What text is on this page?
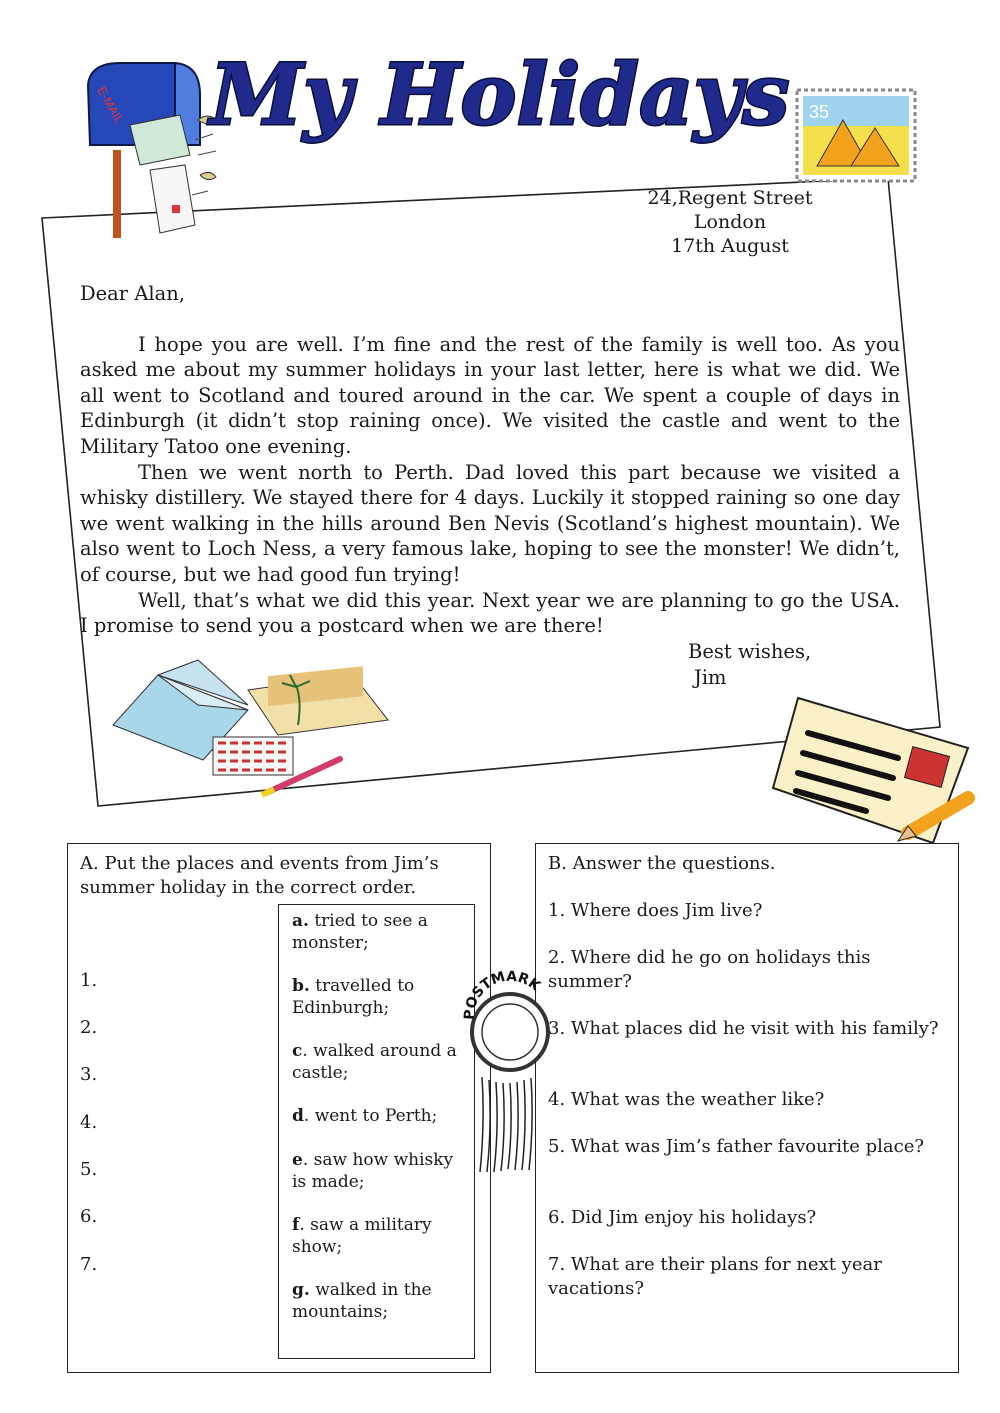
E-MAIL My Holidays 35
24,Regent Street
London
17th August

Dear Alan,

I hope you are well. I’m fine and the rest of the family is well too. As you asked me about my summer holidays in your last letter, here is what we did. We all went to Scotland and toured around in the car. We spent a couple of days in Edinburgh (it didn’t stop raining once). We visited the castle and went to the Military Tatoo one evening.

Then we went north to Perth. Dad loved this part because we visited a whisky distillery. We stayed there for 4 days. Luckily it stopped raining so one day we went walking in the hills around Ben Nevis (Scotland’s highest mountain). We also went to Loch Ness, a very famous lake, hoping to see the monster! We didn’t, of course, but we had good fun trying!

Well, that’s what we did this year. Next year we are planning to go the USA. I promise to send you a postcard when we are there!

Best wishes,
Jim
A. Put the places and events from Jim’s summer holiday in the correct order.
1.
2.
3.
4.
5.
6.
7.
a. tried to see a monster;
b. travelled to Edinburgh;
c. walked around a castle;
d. went to Perth;
e. saw how whisky is made;
f. saw a military show;
g. walked in the mountains;
B. Answer the questions.
1. Where does Jim live?
2. Where did he go on holidays this summer?
3. What places did he visit with his family?
4. What was the weather like?
5. What was Jim’s father favourite place?
6. Did Jim enjoy his holidays?
7. What are their plans for next year vacations?
POSTMARK
